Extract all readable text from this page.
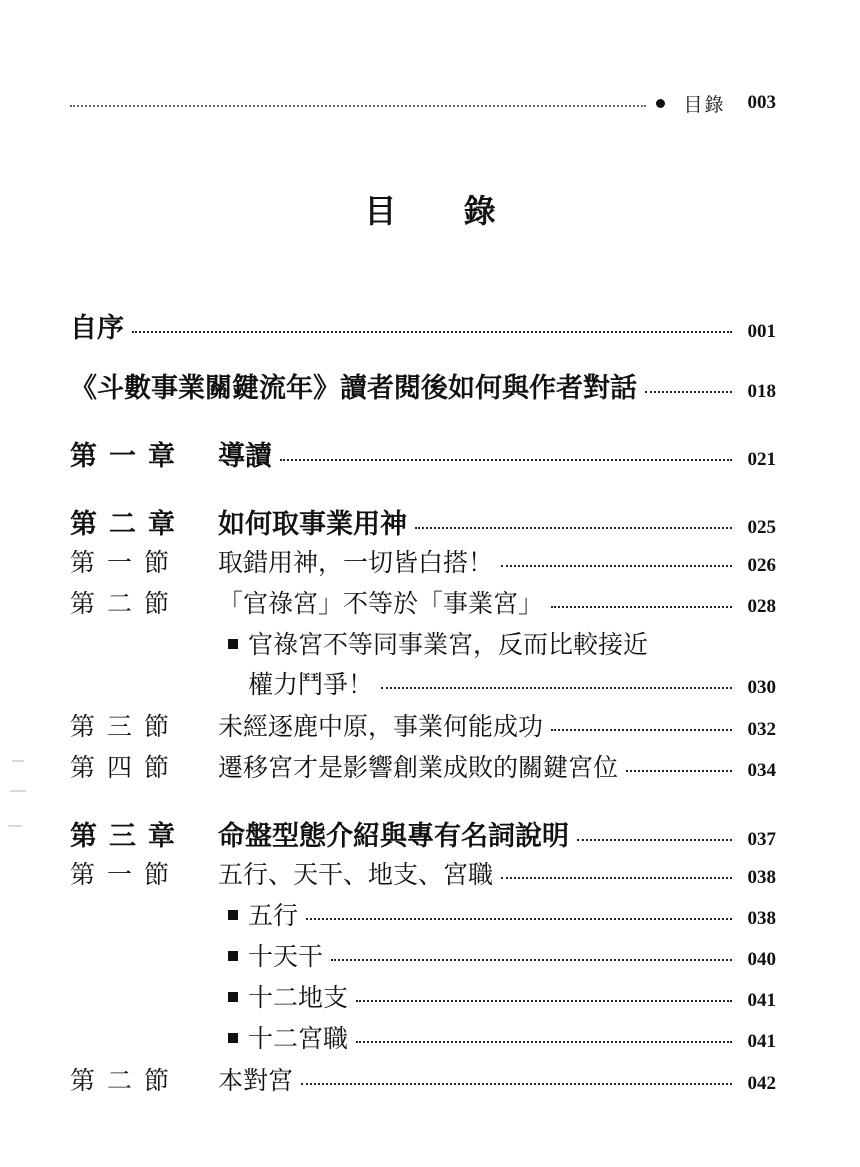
目錄 003
目 錄
自序	001
《斗數事業關鍵流年》讀者閱後如何與作者對話	018
第一章	導讀	021
第二章	如何取事業用神	025
第一節	取錯用神，一切皆白搭！	026
第二節	「官祿宮」不等於「事業宮」	028
官祿宮不等同事業宮，反而比較接近
權力鬥爭！	030
第三節	未經逐鹿中原，事業何能成功	032
第四節	遷移宮才是影響創業成敗的關鍵宮位	034
第三章	命盤型態介紹與專有名詞說明	037
第一節	五行、天干、地支、宮職	038
五行	038
十天干	040
十二地支	041
十二宮職	041
第二節	本對宮	042
